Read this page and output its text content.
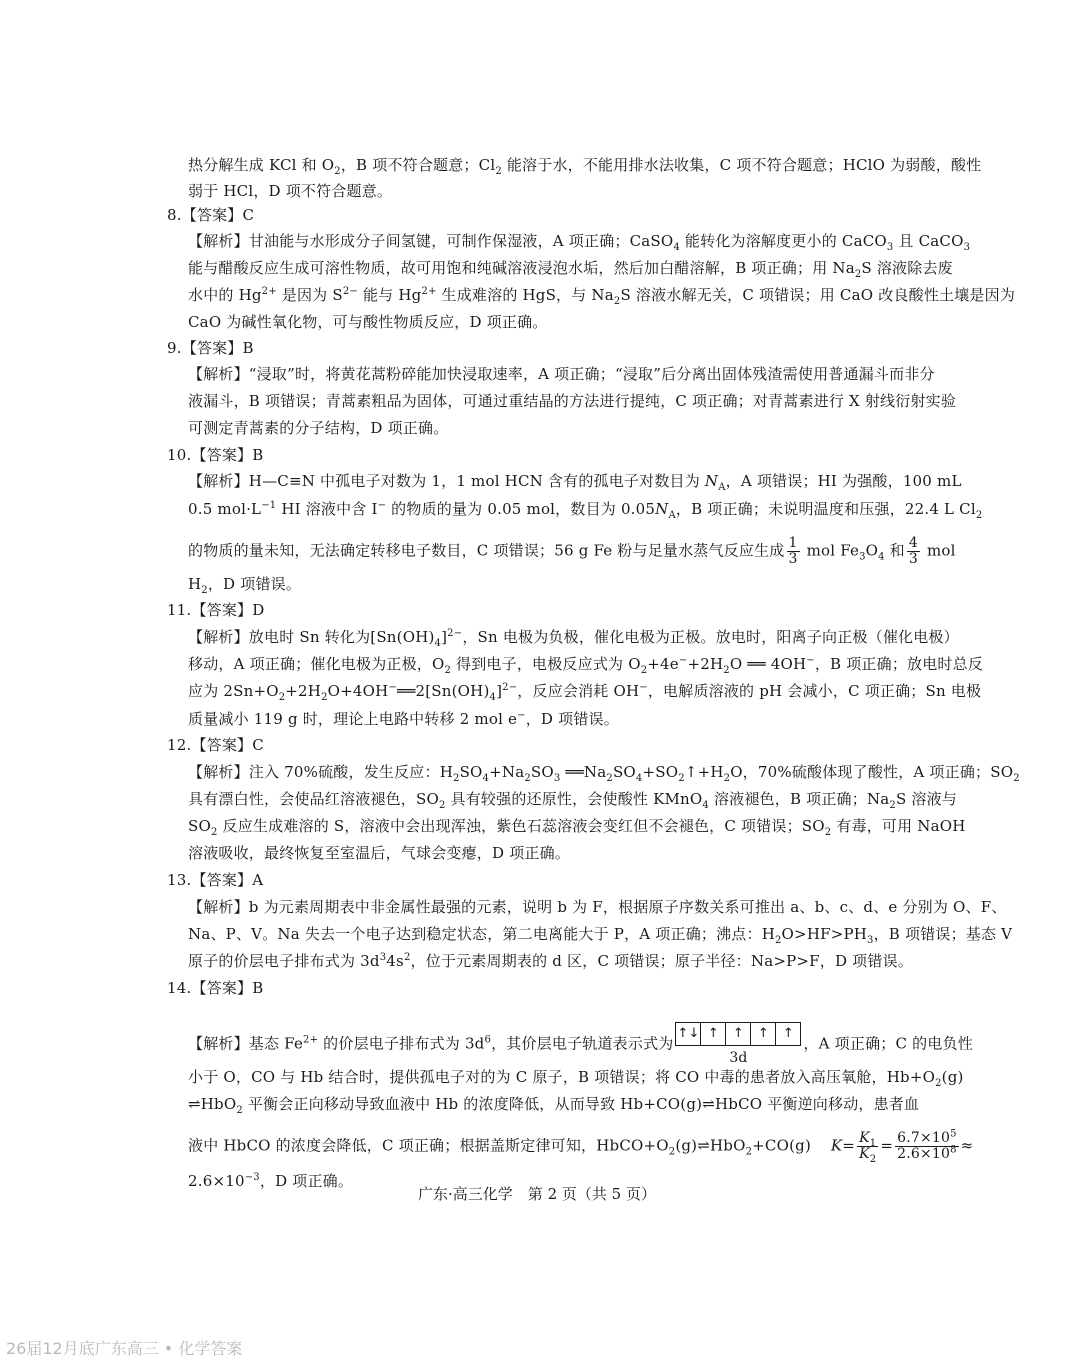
热分解生成 KCl 和 $O_2$，B 项不符合题意；$Cl_2$ 能溶于水，不能用排水法收集，C 项不符合题意；HClO 为弱酸，酸性
弱于 HCl，D 项不符合题意。
8.【答案】C
【解析】甘油能与水形成分子间氢键，可制作保湿液，A 项正确；CaSO$_4$ 能转化为溶解度更小的 CaCO$_3$ 且 CaCO$_3$
能与醋酸反应生成可溶性物质，故可用饱和纯碱溶液浸泡水垢，然后加白醋溶解，B 项正确；用 $Na_2S$ 溶液除去废
水中的 $Hg^{2+}$ 是因为 $S^{2-}$ 能与 $Hg^{2+}$ 生成难溶的 HgS，与 $Na_2S$ 溶液水解无关，C 项错误；用 CaO 改良酸性土壤是因为
CaO 为碱性氧化物，可与酸性物质反应，D 项正确。
9.【答案】B
【解析】“浸取”时，将黄花蒿粉碎能加快浸取速率，A 项正确；“浸取”后分离出固体残渣需使用普通漏斗而非分
液漏斗，B 项错误；青蒿素粗品为固体，可通过重结晶的方法进行提纯，C 项正确；对青蒿素进行 X 射线衍射实验
可测定青蒿素的分子结构，D 项正确。
10.【答案】B
【解析】H—C≡N 中孤电子对数为 1，1 mol HCN 含有的孤电子对数目为 $N_A$，A 项错误；HI 为强酸，100 mL
0.5 $mol\cdot L^{-1}$ HI 溶液中含 I− 的物质的量为 0.05 mol，数目为 $0.05N_A$，B 项正确；未说明温度和压强，22.4 L $Cl_2$
的物质的量未知，无法确定转移电子数目，C 项错误；56 g Fe 粉与足量水蒸气反应生成 $\frac{1}{3}$ mol $Fe_3O_4$ 和 $\frac{4}{3}$ mol
$H_2$，D 项错误。
11.【答案】D
【解析】放电时 Sn 转化为$[Sn(OH)_4]^{2-}$，Sn 电极为负极，催化电极为正极。放电时，阳离子向正极（催化电极）
移动，A 项正确；催化电极为正极，$O_2$ 得到电子，电极反应式为 $O_2+4e^-+2H_2O$ ══ 4OH−，B 项正确；放电时总反
应为 $2Sn+O_2+2H_2O+4OH^-══2[Sn(OH)_4]^{2-}$，反应会消耗 OH−，电解质溶液的 pH 会减小，C 项正确；Sn 电极
质量减小 119 g 时，理论上电路中转移 2 mol e−，D 项错误。
12.【答案】C
【解析】注入 70%硫酸，发生反应：$H_2SO_4+Na_2SO_3$ $══Na_2SO_4+SO_2↑+H_2O$，70%硫酸体现了酸性，A 项正确；$SO_2$
具有漂白性，会使品红溶液褪色，$SO_2$ 具有较强的还原性，会使酸性 KMnO$_4$ 溶液褪色，B 项正确；$Na_2S$ 溶液与
$SO_2$ 反应生成难溶的 S，溶液中会出现浑浊，紫色石蕊溶液会变红但不会褪色，C 项错误；$SO_2$ 有毒，可用 NaOH
溶液吸收，最终恢复至室温后，气球会变瘪，D 项正确。
13.【答案】A
【解析】b 为元素周期表中非金属性最强的元素，说明 b 为 F，根据原子序数关系可推出 a、b、c、d、e 分别为 O、F、
Na、P、V。Na 失去一个电子达到稳定状态，第二电离能大于 P，A 项正确；沸点：$H_2O>HF>PH_3$，B 项错误；基态 V
原子的价层电子排布式为 $3d^34s^2$，位于元素周期表的 d 区，C 项错误；原子半径：Na>P>F，D 项错误。
14.【答案】B
【解析】基态 $Fe^{2+}$ 的价层电子排布式为 $3d^6$，其价层电子轨道表示式为
↑↓ ↑	↑	↑	↑
3d
，A 项正确；C 的电负性
小于 O，CO 与 Hb 结合时，提供孤电子对的为 C 原子，B 项错误；将 CO 中毒的患者放入高压氧舱，$Hb+O_2(g)$
⇌HbO$_2$ 平衡会正向移动导致血液中 Hb 的浓度降低，从而导致 Hb+CO(g)⇌HbCO 平衡逆向移动，患者血
液中 HbCO 的浓度会降低，C 项正确；根据盖斯定律可知，$HbCO+O_2(g)\rightleftharpoons HbO_2+CO(g)$    $K= \frac{K_1}{K_2} = \frac{6.7\times 10^5}{2.6\times 10^8}$ ≈
$2.6\times 10^{-3}$，D 项正确。
广东·高三化学　第 2 页（共 5 页）
26届12月底广东高三 • 化学答案
